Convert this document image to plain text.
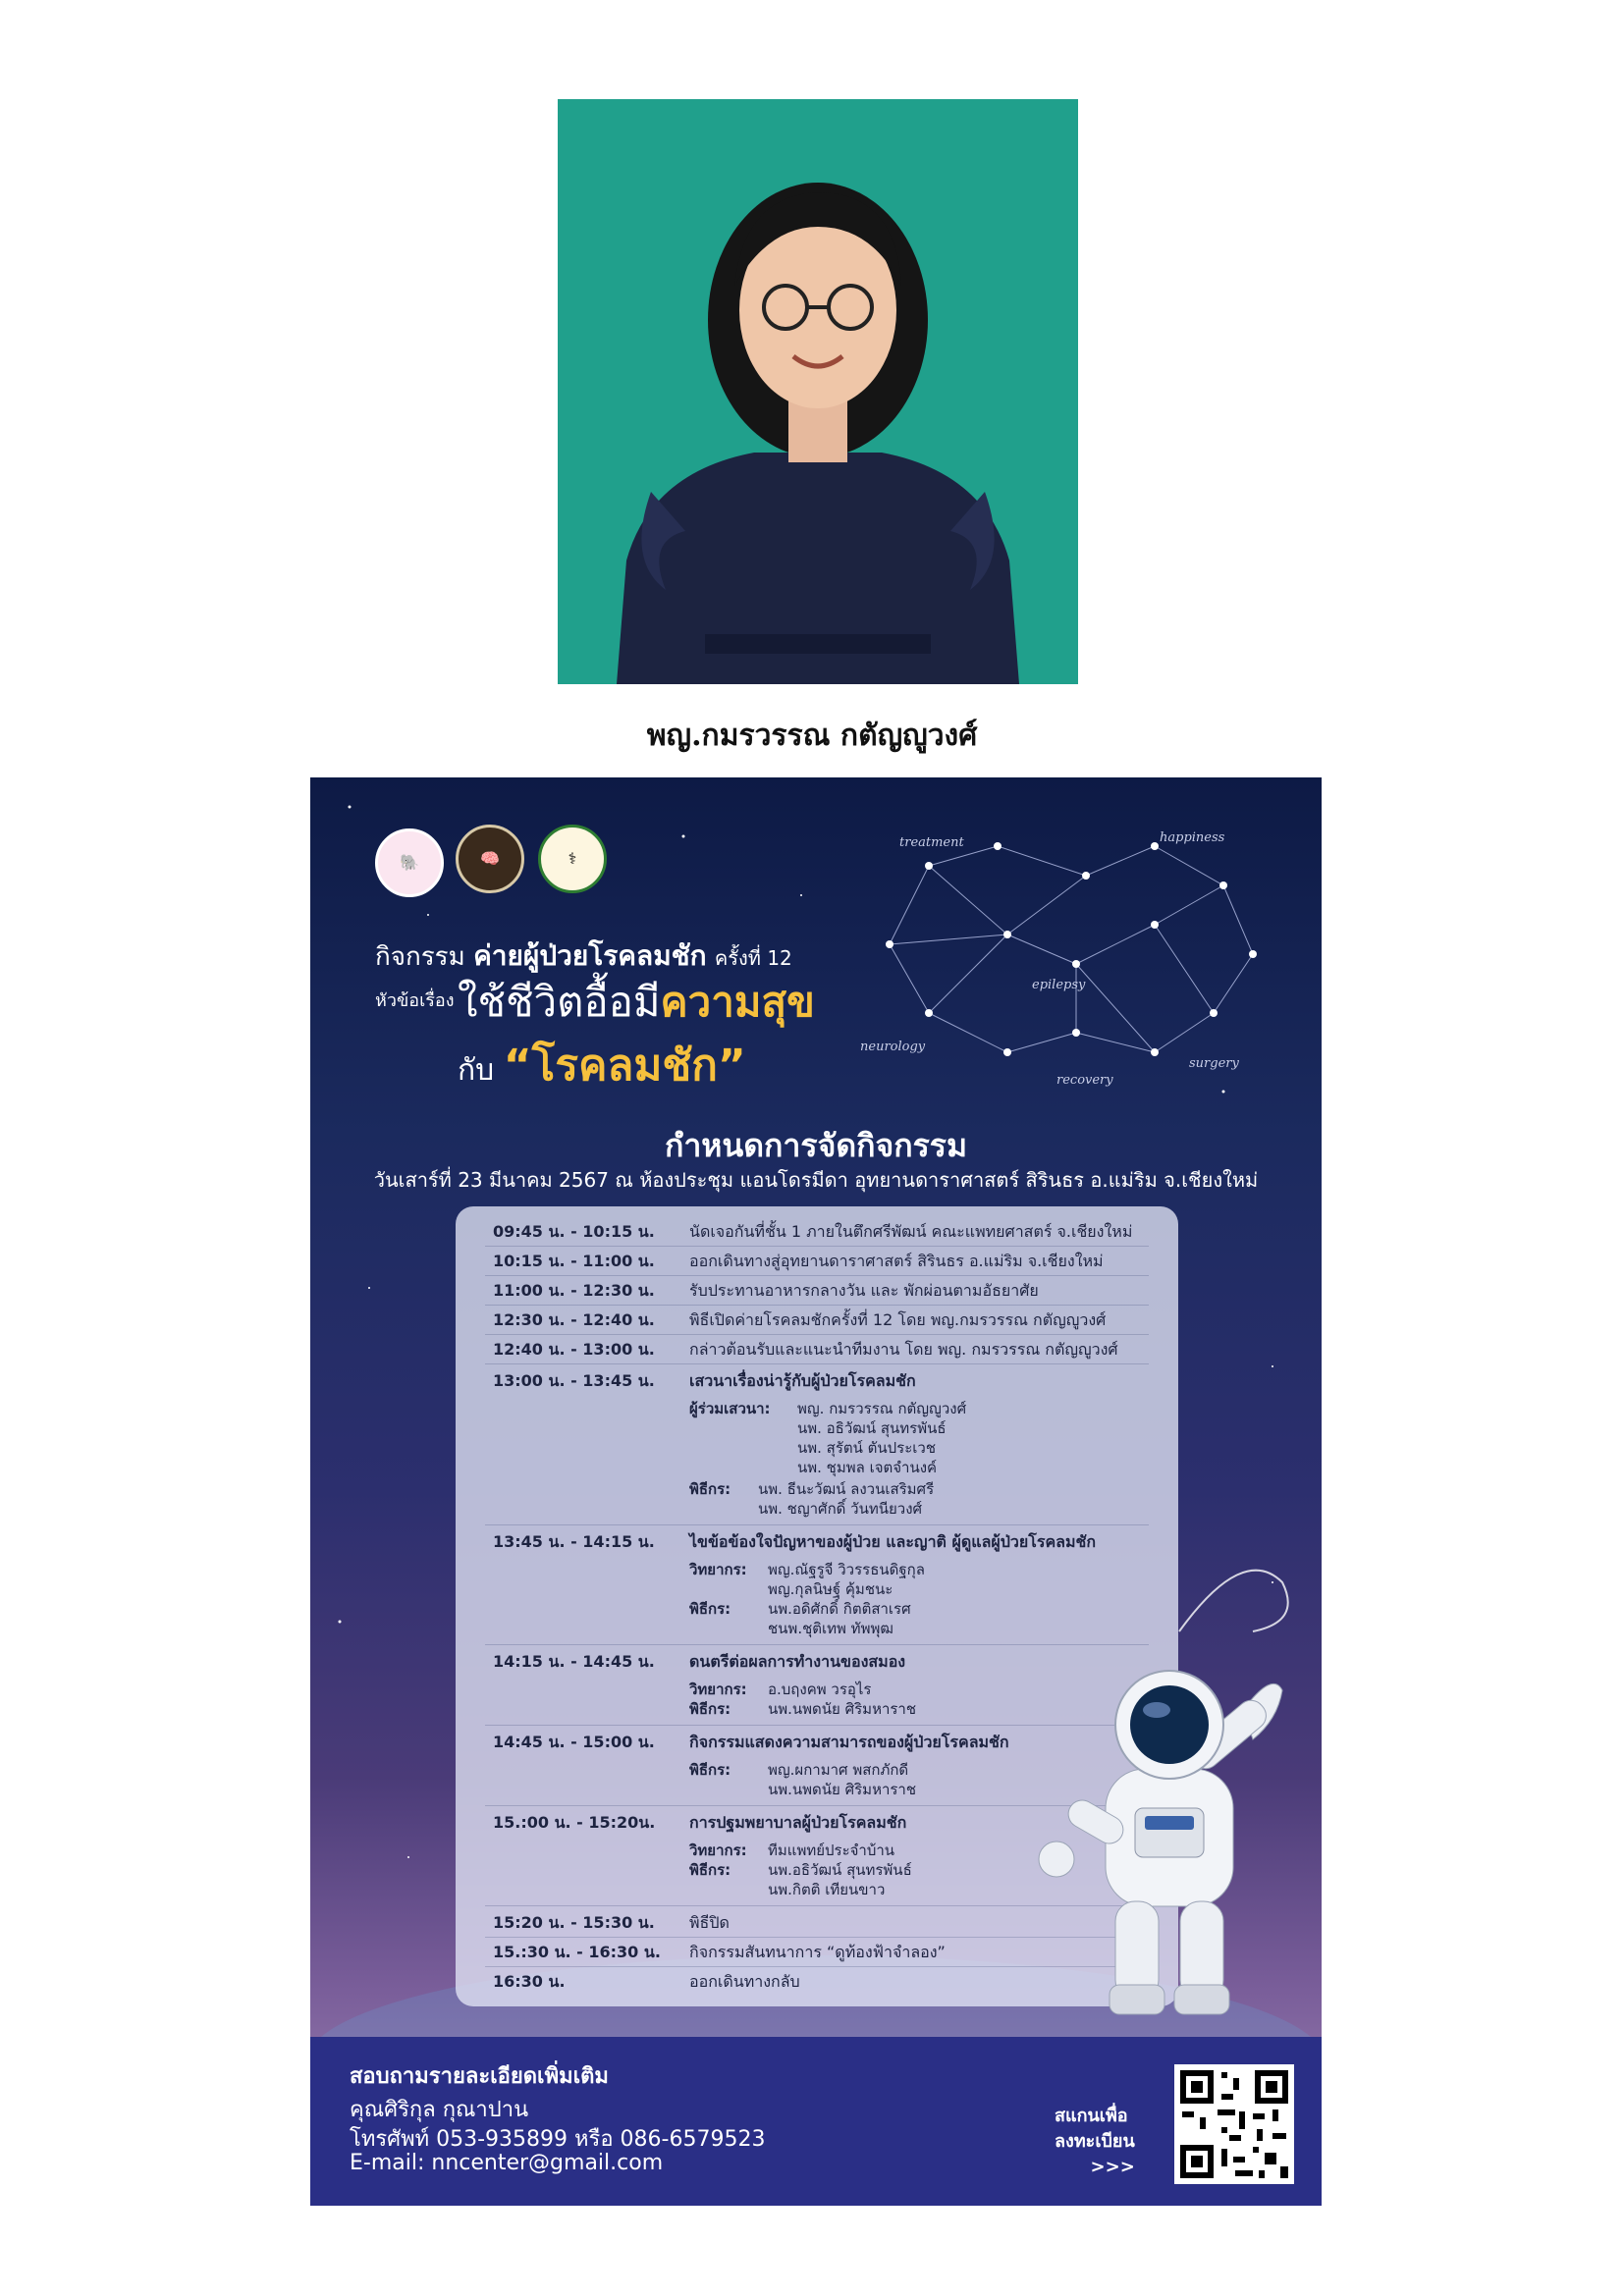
พญ.กมรวรรณ กตัญญูวงศ์
🐘	🧠	⚕
กิจกรรม ค่ายผู้ป่วยโรคลมชัก ครั้งที่ 12
หัวข้อเรื่อง ใช้ชีวิตอื้อมีความสุข
กับ “โรคลมชัก”
treatment	happiness
epilepsy
neurology
surgery
recovery
กำหนดการจัดกิจกรรม
วันเสาร์ที่ 23 มีนาคม 2567 ณ ห้องประชุม แอนโดรมีดา อุทยานดาราศาสตร์ สิรินธร อ.แม่ริม จ.เชียงใหม่
09:45 น. - 10:15 น. นัดเจอกันที่ชั้น 1 ภายในตึกศรีพัฒน์ คณะแพทยศาสตร์ จ.เชียงใหม่
10:15 น. - 11:00 น. ออกเดินทางสู่อุทยานดาราศาสตร์ สิรินธร อ.แม่ริม จ.เชียงใหม่
11:00 น. - 12:30 น. รับประทานอาหารกลางวัน และ พักผ่อนตามอัธยาศัย
12:30 น. - 12:40 น. พิธีเปิดค่ายโรคลมชักครั้งที่ 12 โดย พญ.กมรวรรณ กตัญญูวงศ์
12:40 น. - 13:00 น. กล่าวต้อนรับและแนะนำทีมงาน โดย พญ. กมรวรรณ กตัญญูวงศ์
13:00 น. - 13:45 น. เสวนาเรื่องน่ารู้กับผู้ป่วยโรคลมชัก
ผู้ร่วมเสวนา: พญ. กมรวรรณ กตัญญูวงศ์
นพ. อธิวัฒน์ สุนทรพันธ์
นพ. สุรัตน์ ตันประเวช
นพ. ชุมพล เจตจำนงค์
พิธีกร: นพ. ธีนะวัฒน์ ลงวนเสริมศรี
นพ. ชญาศักดิ์ วันทนียวงศ์
13:45 น. - 14:15 น. ไขข้อข้องใจปัญหาของผู้ป่วย และญาติ ผู้ดูแลผู้ป่วยโรคลมชัก
วิทยากร: พญ.ณัฐรูจี วิวรรธนดิฐกุล
พญ.กุลนิษฐ์ คุ้มชนะ
พิธีกร:	นพ.อดิศักดิ์ กิตติสาเรศ
ชนพ.ชุติเทพ ทัพพุฒ
14:15 น. - 14:45 น. ดนตรีต่อผลการทำงานของสมอง
วิทยากร: อ.บฤงคพ วรอุไร
พิธีกร:	นพ.นพดนัย ศิริมหาราช
14:45 น. - 15:00 น. กิจกรรมแสดงความสามารถของผู้ป่วยโรคลมชัก
พิธีกร:	พญ.ผกามาศ พสกภักดี
นพ.นพดนัย ศิริมหาราช
15.:00 น. - 15:20น. การปฐมพยาบาลผู้ป่วยโรคลมชัก
วิทยากร: ทีมแพทย์ประจำบ้าน
พิธีกร:	นพ.อธิวัฒน์ สุนทรพันธ์
นพ.กิตติ เทียนขาว
15:20 น. - 15:30 น. พิธีปิด
15.:30 น. - 16:30 น. กิจกรรมสันทนาการ “ดูท้องฟ้าจำลอง”
16:30 น.	ออกเดินทางกลับ
สอบถามรายละเอียดเพิ่มเติม
คุณศิริกุล กุณาปาน
โทรศัพท์ 053-935899 หรือ 086-6579523
E-mail: nncenter@gmail.com
สแกนเพื่อ
ลงทะเบียน
>>>
